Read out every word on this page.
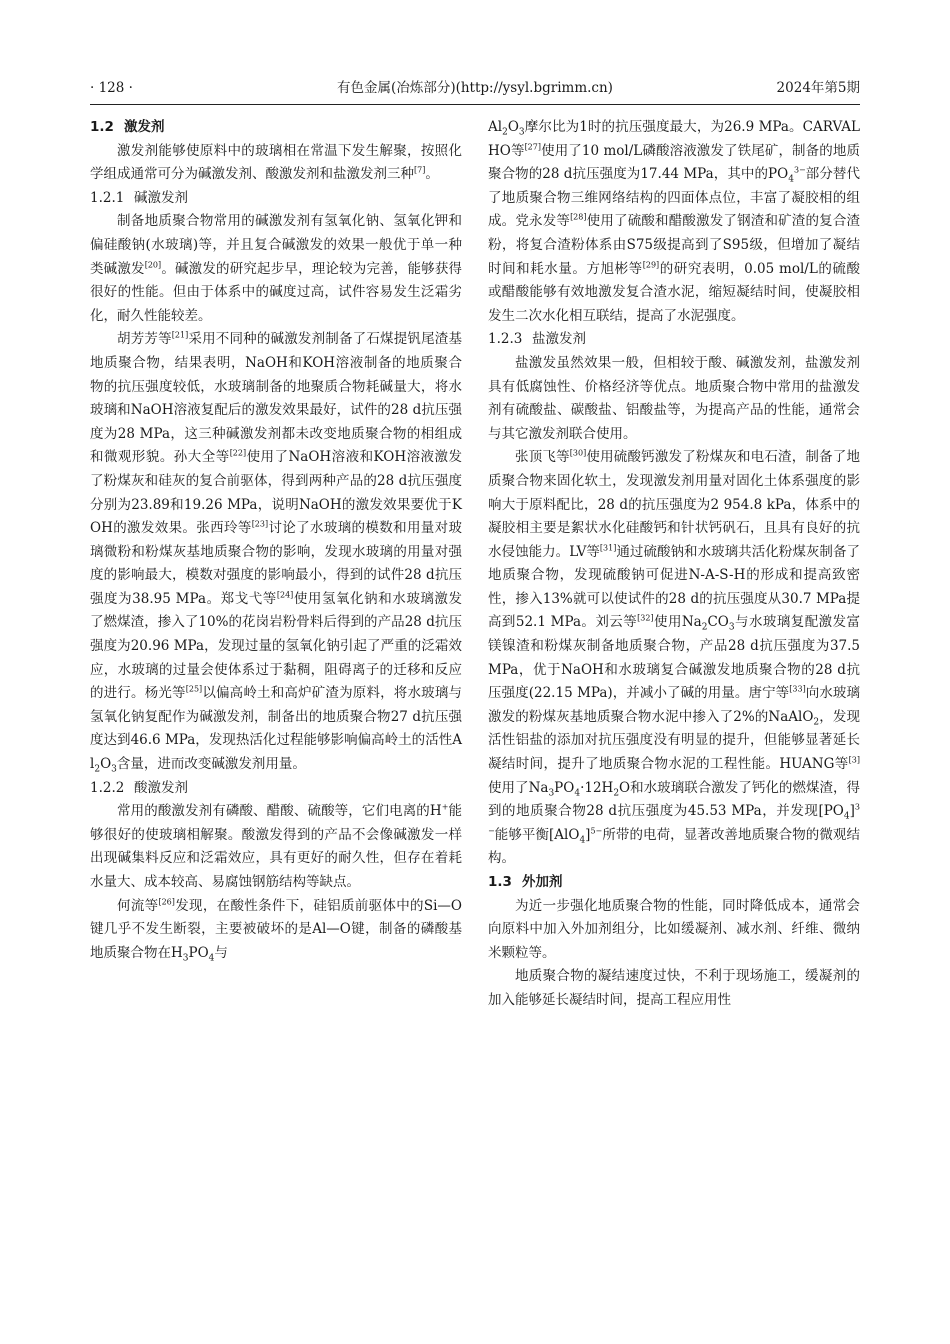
· 128 ·	有色金属(冶炼部分)(http://ysyl.bgrimm.cn)	2024年第5期

1.2 激发剂

激发剂能够使原料中的玻璃相在常温下发生解聚，按照化学组成通常可分为碱激发剂、酸激发剂和盐激发剂三种[7]。

1.2.1 碱激发剂

制备地质聚合物常用的碱激发剂有氢氧化钠、氢氧化钾和偏硅酸钠(水玻璃)等，并且复合碱激发的效果一般优于单一种类碱激发[20]。碱激发的研究起步早，理论较为完善，能够获得很好的性能。但由于体系中的碱度过高，试件容易发生泛霜劣化，耐久性能较差。

胡芳芳等[21]采用不同种的碱激发剂制备了石煤提钒尾渣基地质聚合物，结果表明，NaOH和KOH溶液制备的地质聚合物的抗压强度较低，水玻璃制备的地聚质合物耗碱量大，将水玻璃和NaOH溶液复配后的激发效果最好，试件的28 d抗压强度为28 MPa，这三种碱激发剂都未改变地质聚合物的相组成和微观形貌。孙大全等[22]使用了NaOH溶液和KOH溶液激发了粉煤灰和硅灰的复合前驱体，得到两种产品的28 d抗压强度分别为23.89和19.26 MPa，说明NaOH的激发效果要优于KOH的激发效果。张西玲等[23]讨论了水玻璃的模数和用量对玻璃微粉和粉煤灰基地质聚合物的影响，发现水玻璃的用量对强度的影响最大，模数对强度的影响最小，得到的试件28 d抗压强度为38.95 MPa。郑戈弋等[24]使用氢氧化钠和水玻璃激发了燃煤渣，掺入了10%的花岗岩粉骨料后得到的产品28 d抗压强度为20.96 MPa，发现过量的氢氧化钠引起了严重的泛霜效应，水玻璃的过量会使体系过于黏稠，阻碍离子的迁移和反应的进行。杨光等[25]以偏高岭土和高炉矿渣为原料，将水玻璃与氢氧化钠复配作为碱激发剂，制备出的地质聚合物27 d抗压强度达到46.6 MPa，发现热活化过程能够影响偏高岭土的活性$Al_2O_3$含量，进而改变碱激发剂用量。

1.2.2 酸激发剂

常用的酸激发剂有磷酸、醋酸、硫酸等，它们电离的H+能够很好的使玻璃相解聚。酸激发得到的产品不会像碱激发一样出现碱集料反应和泛霜效应，具有更好的耐久性，但存在着耗水量大、成本较高、易腐蚀钢筋结构等缺点。

何流等[26]发现，在酸性条件下，硅铝质前驱体中的Si—O键几乎不发生断裂，主要被破坏的是Al—O键，制备的磷酸基地质聚合物在$H_3PO_4$与

$Al_2O_3$摩尔比为1时的抗压强度最大，为26.9 MPa。CARVALHO等[27]使用了10 mol/L磷酸溶液激发了铁尾矿，制备的地质聚合物的28 d抗压强度为17.44 MPa，其中的$PO_4^{3-}$部分替代了地质聚合物三维网络结构的四面体点位，丰富了凝胶相的组成。党永发等[28]使用了硫酸和醋酸激发了钢渣和矿渣的复合渣粉，将复合渣粉体系由S75级提高到了S95级，但增加了凝结时间和耗水量。方旭彬等[29]的研究表明，0.05 mol/L的硫酸或醋酸能够有效地激发复合渣水泥，缩短凝结时间，使凝胶相发生二次水化相互联结，提高了水泥强度。

1.2.3 盐激发剂

盐激发虽然效果一般，但相较于酸、碱激发剂，盐激发剂具有低腐蚀性、价格经济等优点。地质聚合物中常用的盐激发剂有硫酸盐、碳酸盐、铝酸盐等，为提高产品的性能，通常会与其它激发剂联合使用。

张顶飞等[30]使用硫酸钙激发了粉煤灰和电石渣，制备了地质聚合物来固化软土，发现激发剂用量对固化土体系强度的影响大于原料配比，28 d的抗压强度为2 954.8 kPa，体系中的凝胶相主要是絮状水化硅酸钙和针状钙矾石，且具有良好的抗水侵蚀能力。LV等[31]通过硫酸钠和水玻璃共活化粉煤灰制备了地质聚合物，发现硫酸钠可促进N-A-S-H的形成和提高致密性，掺入13%就可以使试件的28 d的抗压强度从30.7 MPa提高到52.1 MPa。刘云等[32]使用$Na_2CO_3$与水玻璃复配激发富镁镍渣和粉煤灰制备地质聚合物，产品28 d抗压强度为37.5 MPa，优于NaOH和水玻璃复合碱激发地质聚合物的28 d抗压强度(22.15 MPa)，并减小了碱的用量。唐宁等[33]向水玻璃激发的粉煤灰基地质聚合物水泥中掺入了2%的NaAlO$_2$，发现活性铝盐的添加对抗压强度没有明显的提升，但能够显著延长凝结时间，提升了地质聚合物水泥的工程性能。HUANG等[3]使用了$Na_3PO_4\cdot 12H_2O$和水玻璃联合激发了钙化的燃煤渣，得到的地质聚合物28 d抗压强度为45.53 MPa，并发现$[PO_4]^{3-}$能够平衡$[AlO_4]^{5-}$所带的电荷，显著改善地质聚合物的微观结构。

1.3 外加剂

为近一步强化地质聚合物的性能，同时降低成本，通常会向原料中加入外加剂组分，比如缓凝剂、减水剂、纤维、微纳米颗粒等。

地质聚合物的凝结速度过快，不利于现场施工，缓凝剂的加入能够延长凝结时间，提高工程应用性
